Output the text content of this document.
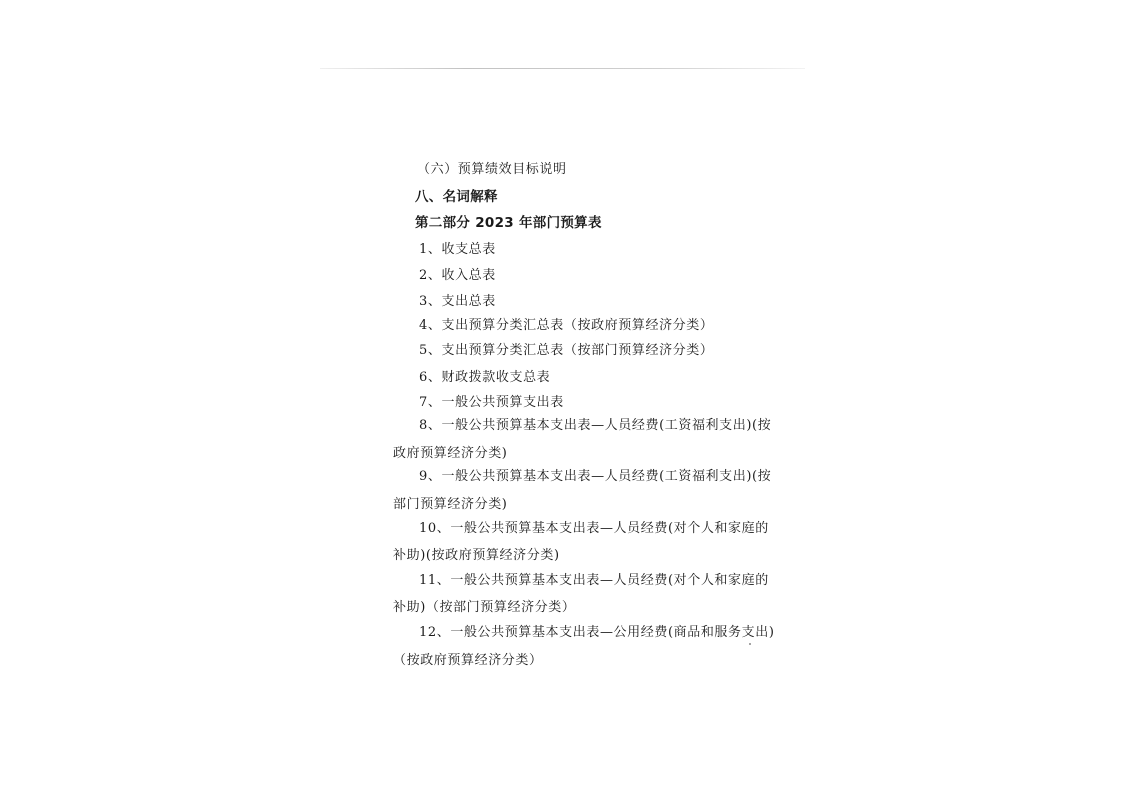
（六）预算绩效目标说明
八、名词解释
第二部分 2023 年部门预算表
1、收支总表
2、收入总表
3、支出总表
4、支出预算分类汇总表（按政府预算经济分类）
5、支出预算分类汇总表（按部门预算经济分类）
6、财政拨款收支总表
7、一般公共预算支出表
8、一般公共预算基本支出表—人员经费(工资福利支出)(按
政府预算经济分类)
9、一般公共预算基本支出表—人员经费(工资福利支出)(按
部门预算经济分类)
10、一般公共预算基本支出表—人员经费(对个人和家庭的
补助)(按政府预算经济分类)
11、一般公共预算基本支出表—人员经费(对个人和家庭的
补助)（按部门预算经济分类）
12、一般公共预算基本支出表—公用经费(商品和服务支出)
（按政府预算经济分类）
